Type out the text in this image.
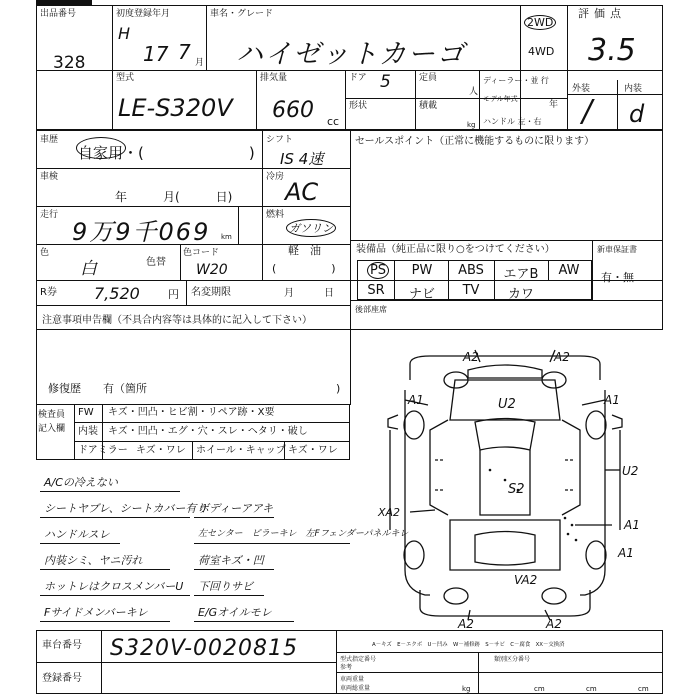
出品番号
328
初度登録年月
H
17 7 月
車名・グレード
ハイゼットカーゴ
2WD
4WD
評価点
3.5
型式
LE-S320V
排気量
660 cc
ドア 5
形状
定員
人
積載
kg
ディーラー・並 行
モデル年式
年
ハンドル 左・右
外装	内装
/ d
車歴
自家用・(　　　　　　　)
シフト
IS 4速
セールスポイント（正常に機能するものに限ります）
車検
年　　　月(　　　日)
冷房
AC
走行
9万9千069 km
燃料
ガソリン
軽　油
(　　　　　)
色
白	色替
色コード
W20
装備品（純正品に限り○をつけてください）	新車保証書
有・無
PS	PW	ABS	エアB	AW
SR	ナビ	TV	カワ
後部座席
R券 7,520	円 名変期限	月　　　日
注意事項申告欄（不具合内容等は具体的に記入して下さい）
修復歴　　有（箇所	)
検査員
記入欄
FW キズ・凹凸・ヒビ割・リペア跡・X要
内装 キズ・凹凸・エグ・穴・スレ・ヘタリ・破し
ドアミラー キズ・ワレ ホイール・キャップ キズ・ワレ
A/Cの冷えない
シートヤブレ、シートカバー有り
ハンドルスレ
内装シミ、ヤニ汚れ
ホットレはクロスメンバーU
Fサイドメンバーキレ
ボディーアアキ
左センター　ピラーキレ　左Fフェンダーパネルキレ
荷室キズ・凹
下回りサビ
E/Gオイルモレ
A2	A2
A1	A1
U2
S2
XA2
U2
A1
A1
VA2
A2	A2
車台番号 S320V-0020815
登録番号
A－キズ　E－エクボ　U－凹み　W－補修跡　S－サビ　C－腐食　XX－交換済
型式指定番号	類別区分番号
参考
車両重量
車両総重量	kg	cm	cm	cm
